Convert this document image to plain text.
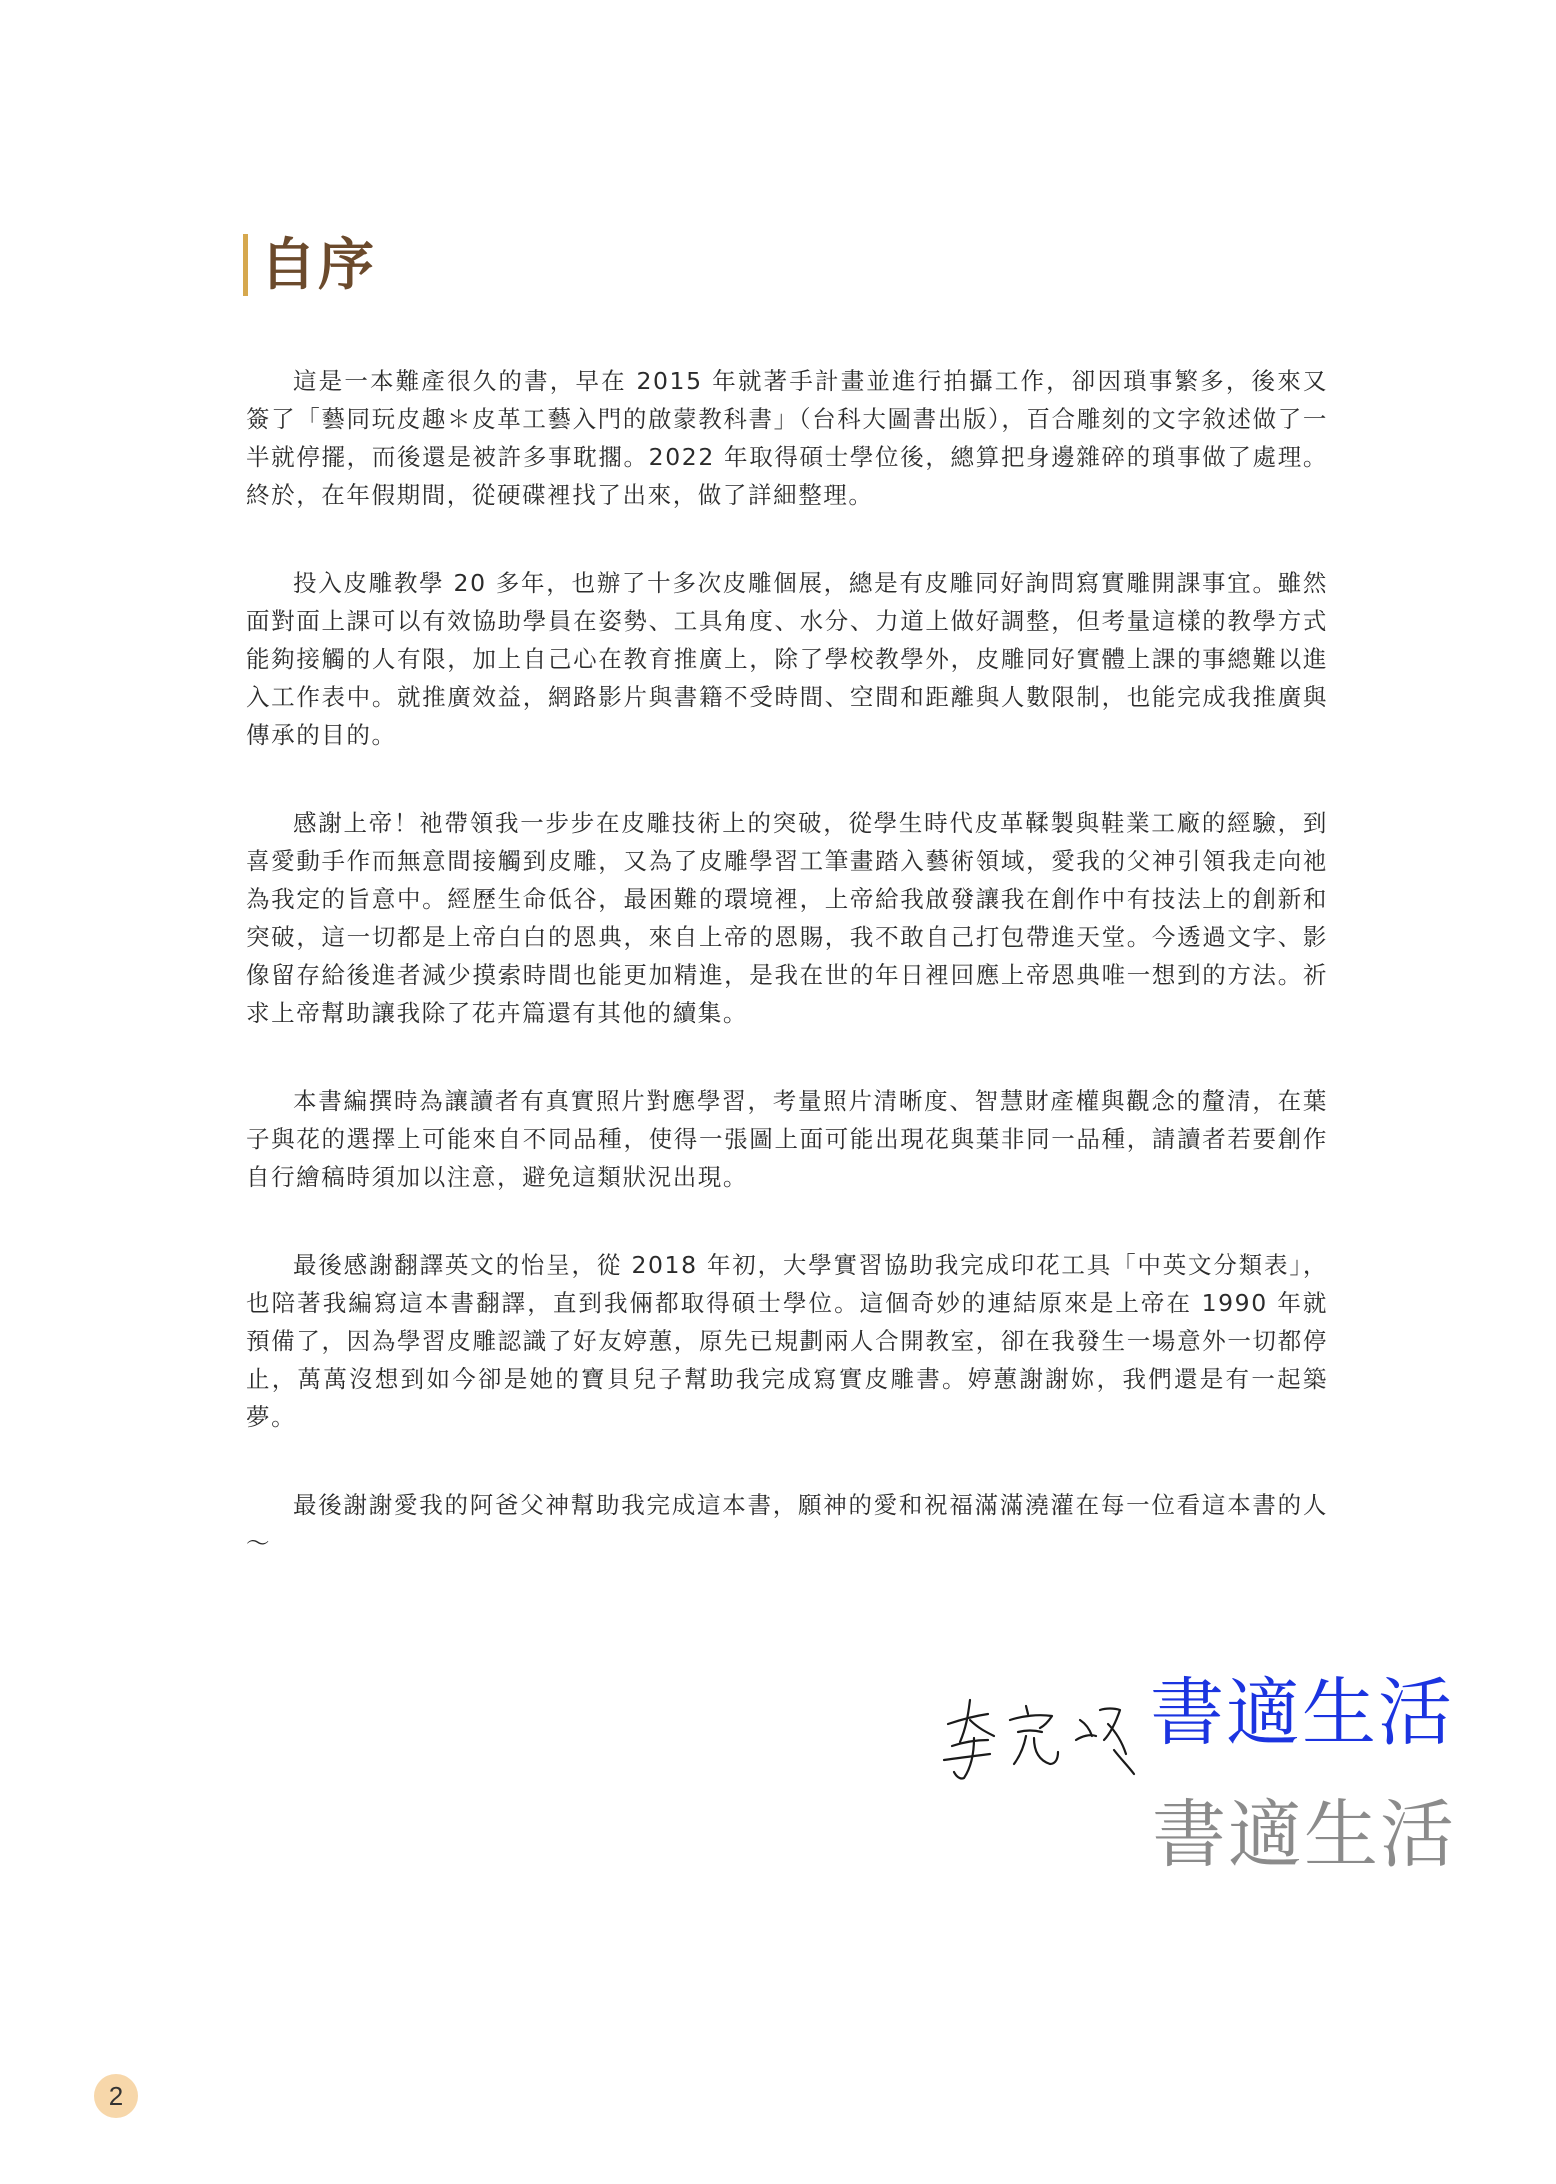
自序

這是一本難產很久的書，早在 2015 年就著手計畫並進行拍攝工作，卻因瑣事繁多，後來又簽了「藝同玩皮趣＊皮革工藝入門的啟蒙教科書」（台科大圖書出版），百合雕刻的文字敘述做了一半就停擺，而後還是被許多事耽擱。2022 年取得碩士學位後，總算把身邊雜碎的瑣事做了處理。終於，在年假期間，從硬碟裡找了出來，做了詳細整理。

投入皮雕教學 20 多年，也辦了十多次皮雕個展，總是有皮雕同好詢問寫實雕開課事宜。雖然面對面上課可以有效協助學員在姿勢、工具角度、水分、力道上做好調整，但考量這樣的教學方式能夠接觸的人有限，加上自己心在教育推廣上，除了學校教學外，皮雕同好實體上課的事總難以進入工作表中。就推廣效益，網路影片與書籍不受時間、空間和距離與人數限制，也能完成我推廣與傳承的目的。

感謝上帝！祂帶領我一步步在皮雕技術上的突破，從學生時代皮革鞣製與鞋業工廠的經驗，到喜愛動手作而無意間接觸到皮雕，又為了皮雕學習工筆畫踏入藝術領域，愛我的父神引領我走向祂為我定的旨意中。經歷生命低谷，最困難的環境裡，上帝給我啟發讓我在創作中有技法上的創新和突破，這一切都是上帝白白的恩典，來自上帝的恩賜，我不敢自己打包帶進天堂。今透過文字、影像留存給後進者減少摸索時間也能更加精進，是我在世的年日裡回應上帝恩典唯一想到的方法。祈求上帝幫助讓我除了花卉篇還有其他的續集。

本書編撰時為讓讀者有真實照片對應學習，考量照片清晰度、智慧財產權與觀念的釐清，在葉子與花的選擇上可能來自不同品種，使得一張圖上面可能出現花與葉非同一品種，請讀者若要創作自行繪稿時須加以注意，避免這類狀況出現。

最後感謝翻譯英文的怡呈，從 2018 年初，大學實習協助我完成印花工具「中英文分類表」，也陪著我編寫這本書翻譯，直到我倆都取得碩士學位。這個奇妙的連結原來是上帝在 1990 年就預備了，因為學習皮雕認識了好友婷蕙，原先已規劃兩人合開教室，卻在我發生一場意外一切都停止，萬萬沒想到如今卻是她的寶貝兒子幫助我完成寫實皮雕書。婷蕙謝謝妳，我們還是有一起築夢。

最後謝謝愛我的阿爸父神幫助我完成這本書，願神的愛和祝福滿滿澆灌在每一位看這本書的人～

書適生活
書適生活
2
